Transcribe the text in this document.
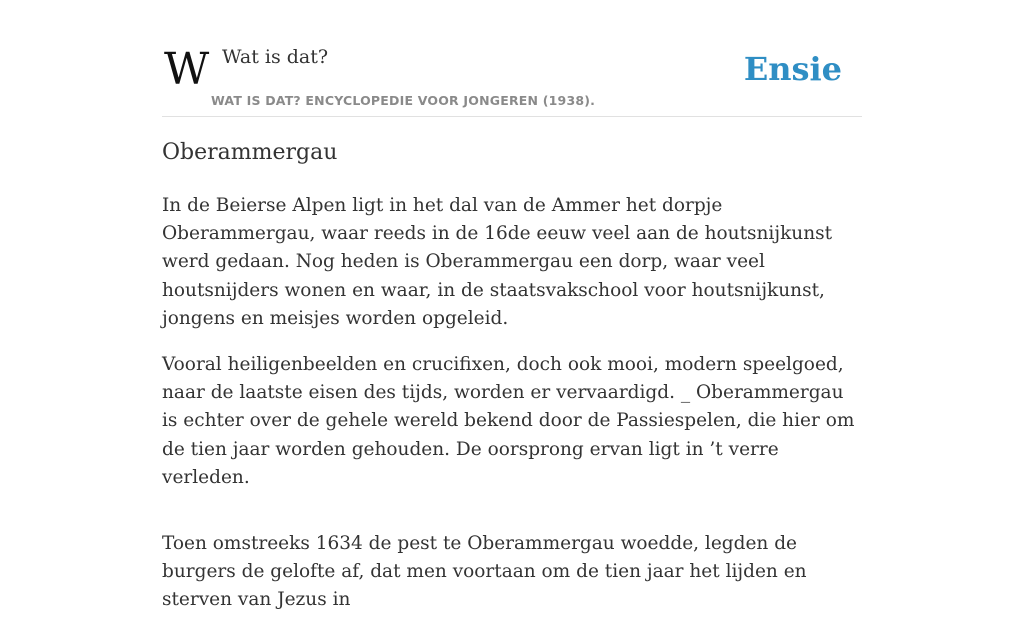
W Wat is dat?
WAT IS DAT? ENCYCLOPEDIE VOOR JONGEREN (1938).
Ensie
Oberammergau

In de Beierse Alpen ligt in het dal van de Ammer het dorpje Oberammergau, waar reeds in de 16de eeuw veel aan de houtsnijkunst werd gedaan. Nog heden is Oberammergau een dorp, waar veel houtsnijders wonen en waar, in de staatsvakschool voor houtsnijkunst, jongens en meisjes worden opgeleid.

Vooral heiligenbeelden en crucifixen, doch ook mooi, modern speelgoed, naar de laatste eisen des tijds, worden er vervaardigd. _ Oberammergau is echter over de gehele wereld bekend door de Passiespelen, die hier om de tien jaar worden gehouden. De oorsprong ervan ligt in ’t verre verleden.

Toen omstreeks 1634 de pest te Oberammergau woedde, legden de burgers de gelofte af, dat men voortaan om de tien jaar het lijden en sterven van Jezus in
